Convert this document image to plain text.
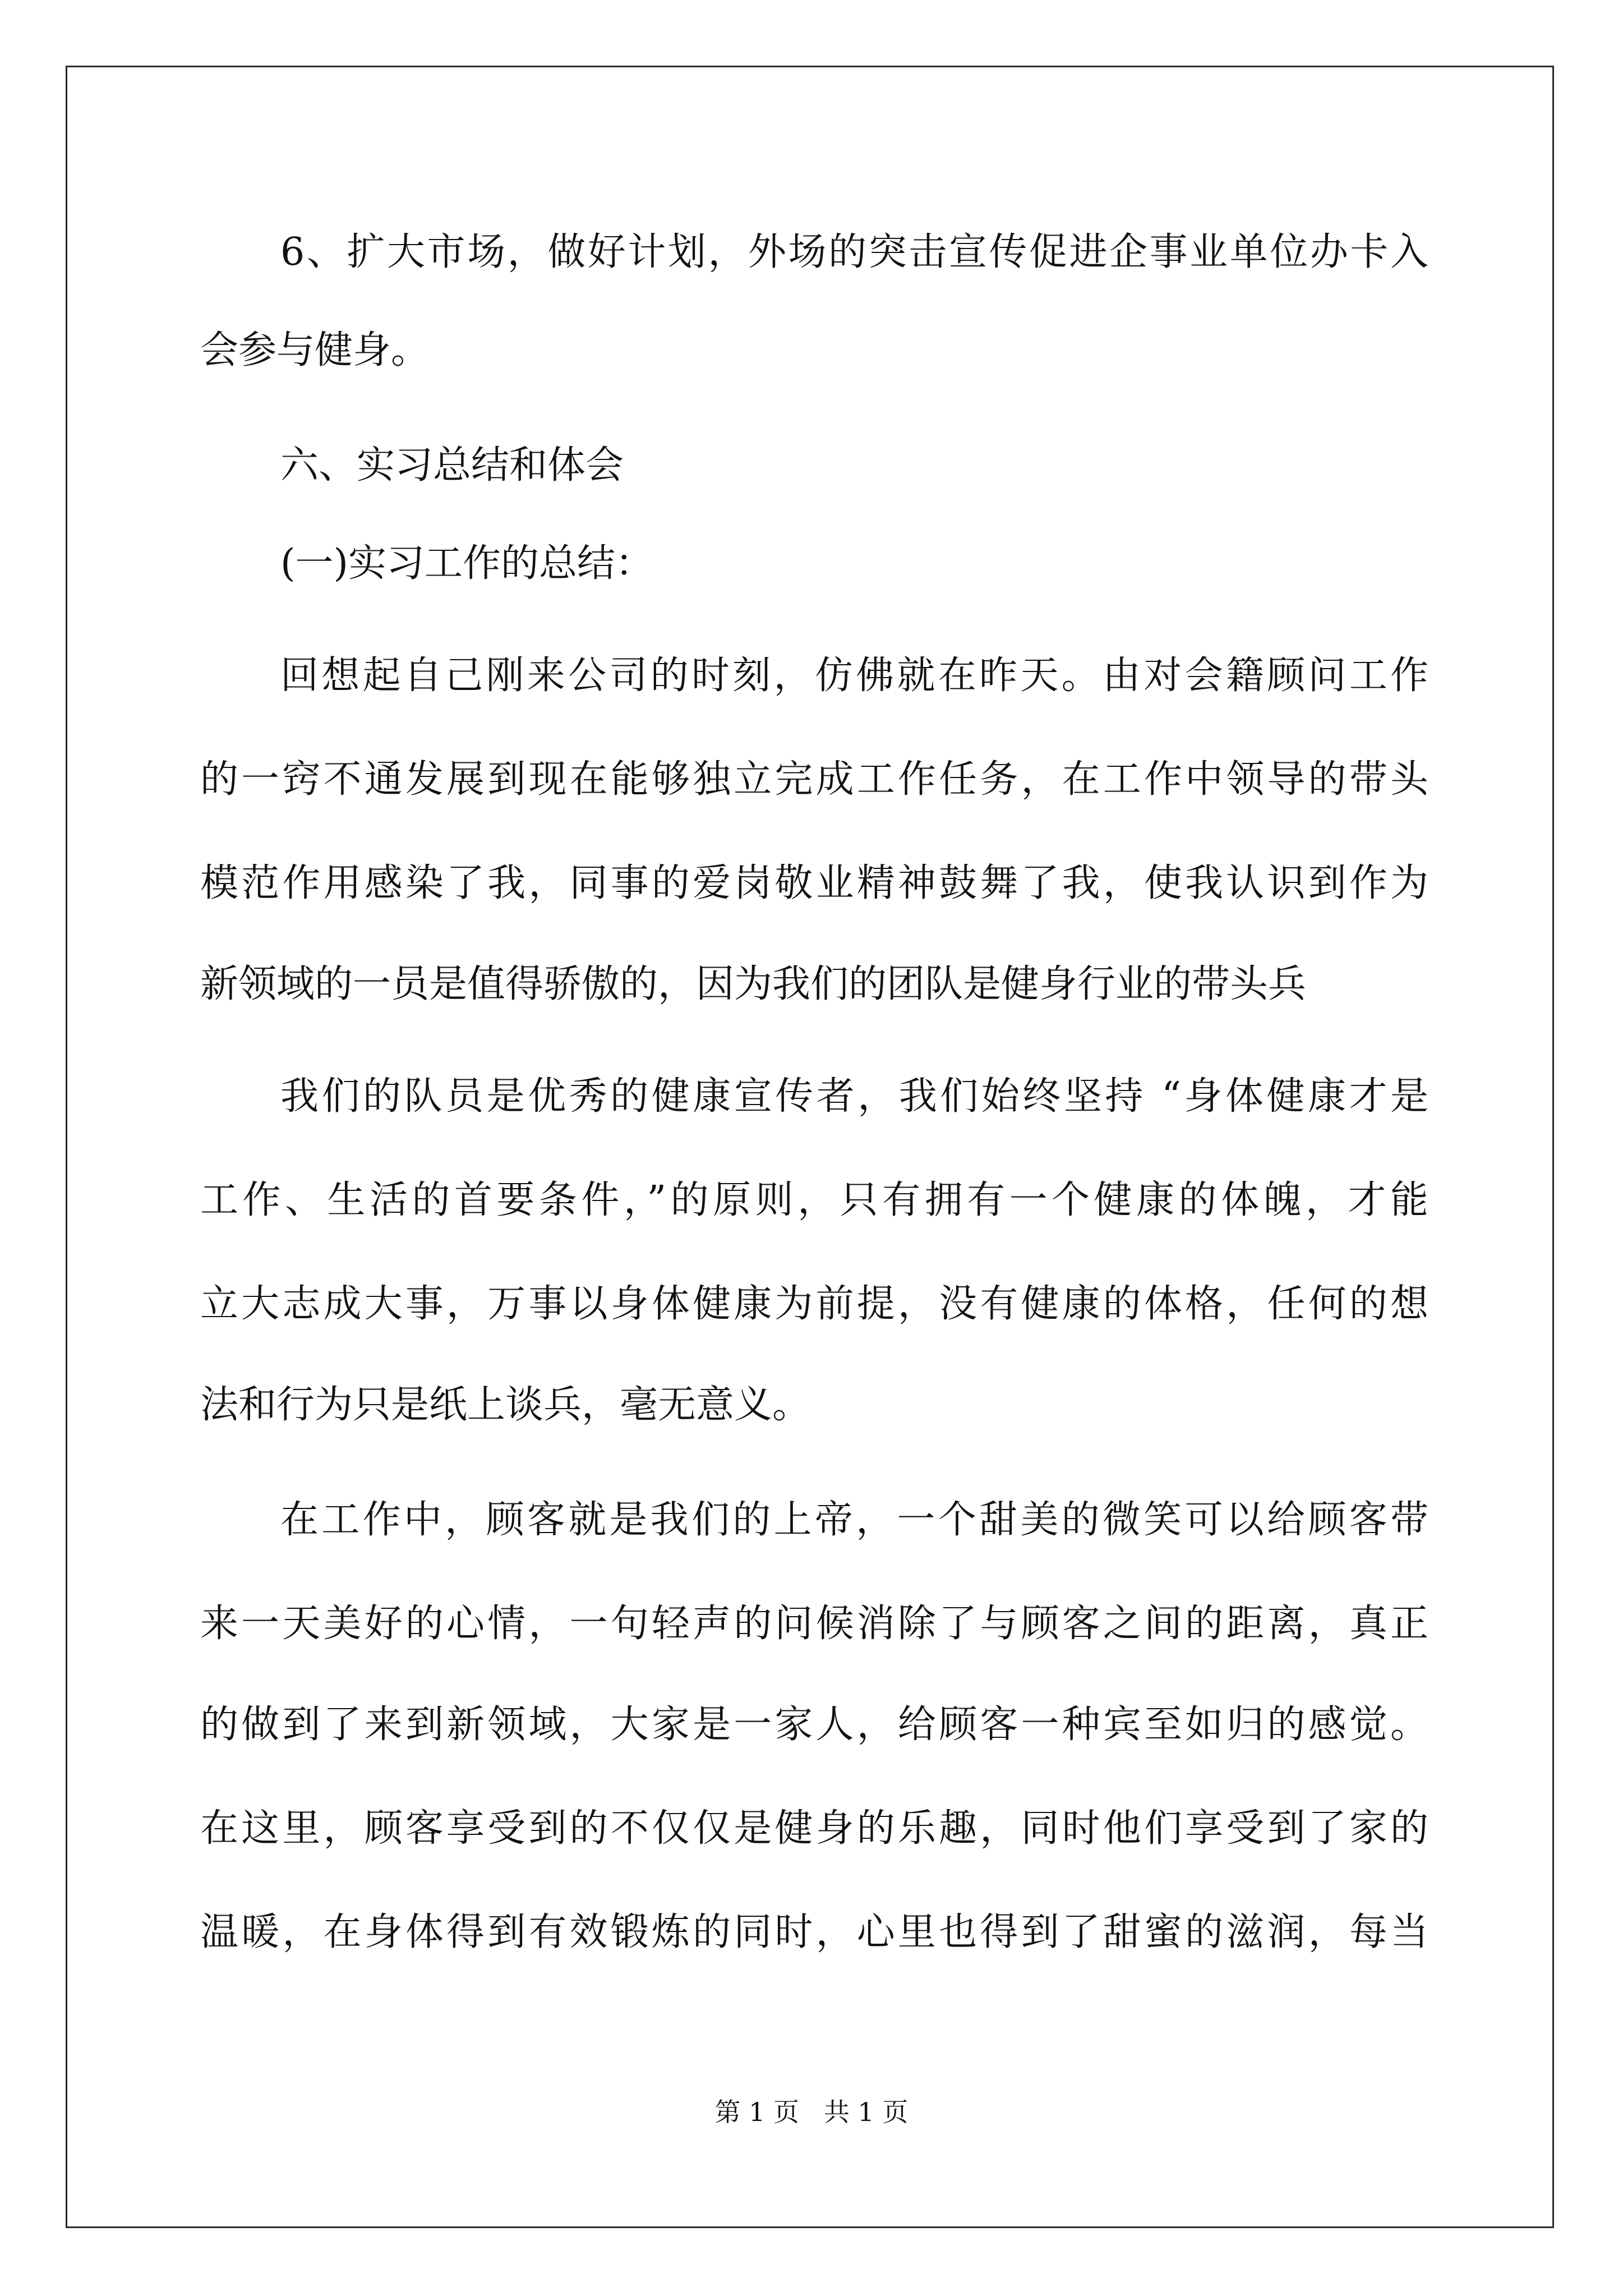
6、扩大市场，做好计划，外场的突击宣传促进企事业单位办卡入
会参与健身。
六、实习总结和体会
(一)实习工作的总结：
回想起自己刚来公司的时刻，仿佛就在昨天。由对会籍顾问工作
的一窍不通发展到现在能够独立完成工作任务，在工作中领导的带头
模范作用感染了我，同事的爱岗敬业精神鼓舞了我，使我认识到作为
新领域的一员是值得骄傲的，因为我们的团队是健身行业的带头兵
我们的队员是优秀的健康宣传者，我们始终坚持 “身体健康才是
工作、生活的首要条件，”的原则，只有拥有一个健康的体魄，才能
立大志成大事，万事以身体健康为前提，没有健康的体格，任何的想
法和行为只是纸上谈兵，毫无意义。
在工作中，顾客就是我们的上帝，一个甜美的微笑可以给顾客带
来一天美好的心情，一句轻声的问候消除了与顾客之间的距离，真正
的做到了来到新领域，大家是一家人，给顾客一种宾至如归的感觉。
在这里，顾客享受到的不仅仅是健身的乐趣，同时他们享受到了家的
温暖，在身体得到有效锻炼的同时，心里也得到了甜蜜的滋润，每当
第 1 页   共 1 页
